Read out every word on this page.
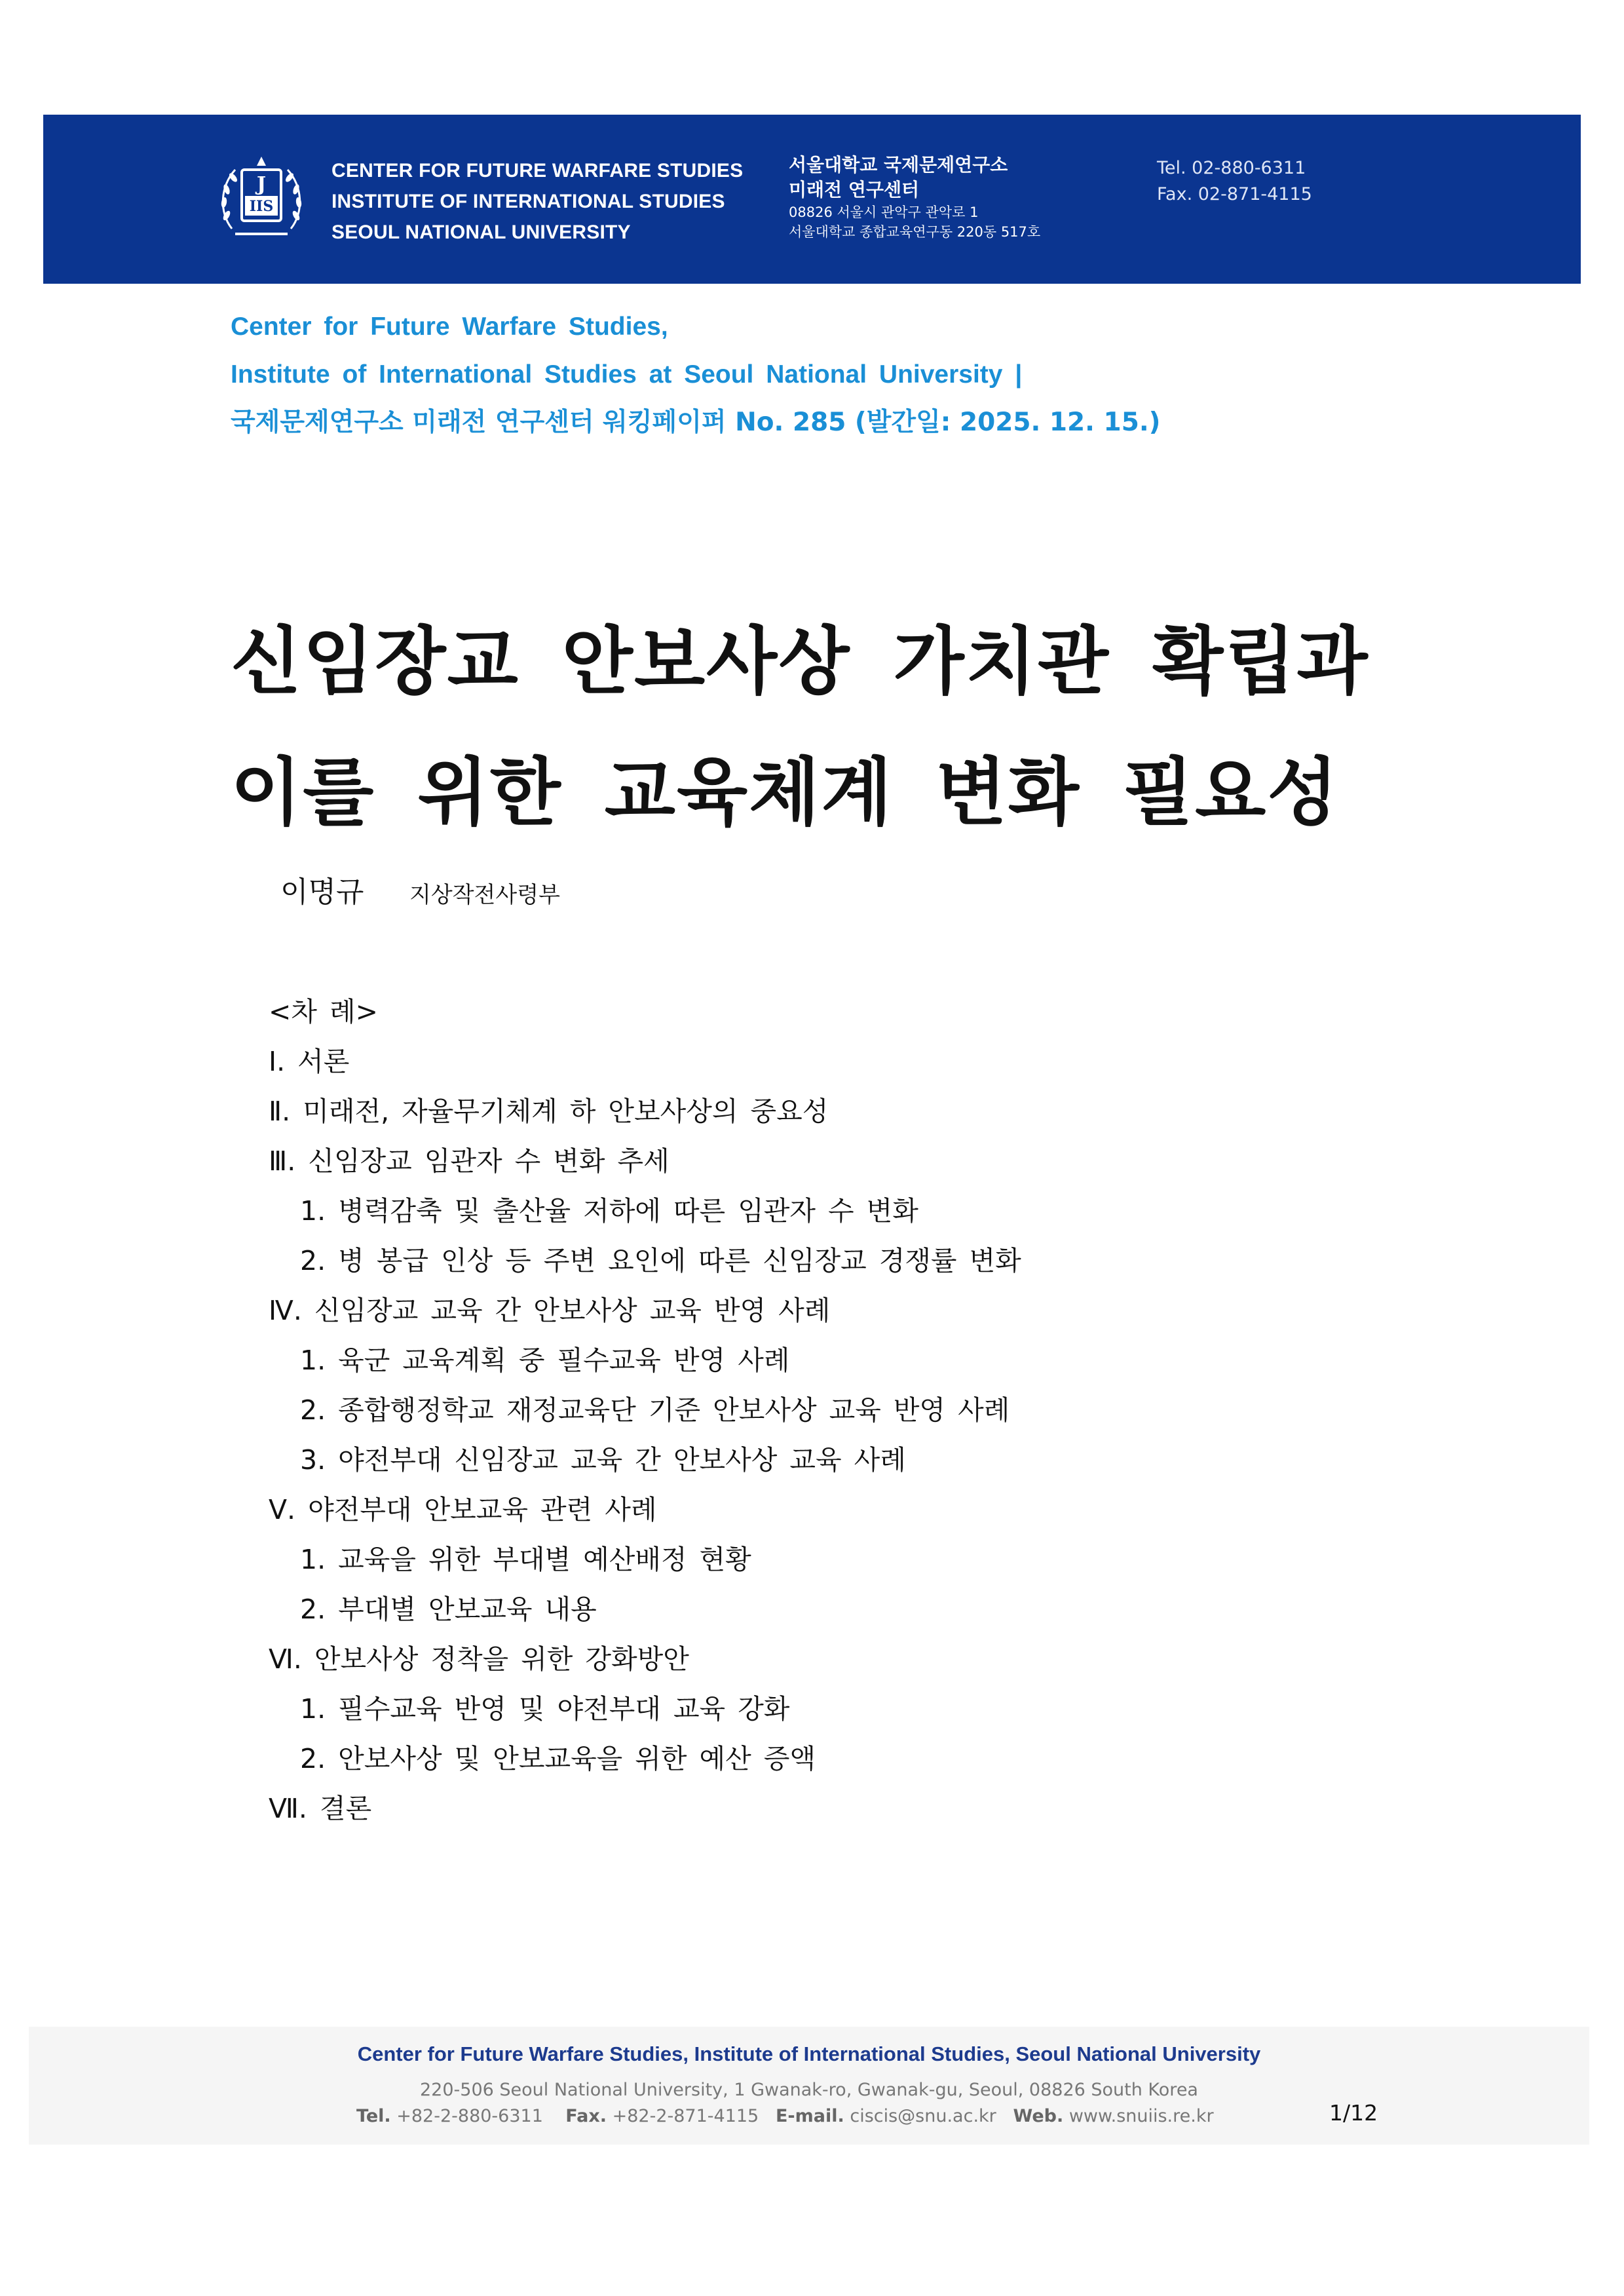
J
IIS
CENTER FOR FUTURE WARFARE STUDIES
INSTITUTE OF INTERNATIONAL STUDIES
SEOUL NATIONAL UNIVERSITY
서울대학교 국제문제연구소
미래전 연구센터
08826 서울시 관악구 관악로 1
서울대학교 종합교육연구동 220동 517호
Tel. 02-880-6311
Fax. 02-871-4115
Center for Future Warfare Studies,
Institute of International Studies at Seoul National University |
국제문제연구소 미래전 연구센터 워킹페이퍼 No. 285 (발간일: 2025. 12. 15.)
신임장교 안보사상 가치관 확립과
이를 위한 교육체계 변화 필요성
이명규 지상작전사령부
<차 례>
Ⅰ. 서론
Ⅱ. 미래전, 자율무기체계 하 안보사상의 중요성
Ⅲ. 신임장교 임관자 수 변화 추세
1. 병력감축 및 출산율 저하에 따른 임관자 수 변화
2. 병 봉급 인상 등 주변 요인에 따른 신임장교 경쟁률 변화
Ⅳ. 신임장교 교육 간 안보사상 교육 반영 사례
1. 육군 교육계획 중 필수교육 반영 사례
2. 종합행정학교 재정교육단 기준 안보사상 교육 반영 사례
3. 야전부대 신임장교 교육 간 안보사상 교육 사례
Ⅴ. 야전부대 안보교육 관련 사례
1. 교육을 위한 부대별 예산배정 현황
2. 부대별 안보교육 내용
Ⅵ. 안보사상 정착을 위한 강화방안
1. 필수교육 반영 및 야전부대 교육 강화
2. 안보사상 및 안보교육을 위한 예산 증액
Ⅶ. 결론
Center for Future Warfare Studies, Institute of International Studies, Seoul National University
220-506 Seoul National University, 1 Gwanak-ro, Gwanak-gu, Seoul, 08826 South Korea
Tel. +82-2-880-6311 Fax. +82-2-871-4115 E-mail. ciscis@snu.ac.kr Web. www.snuiis.re.kr	1/12
